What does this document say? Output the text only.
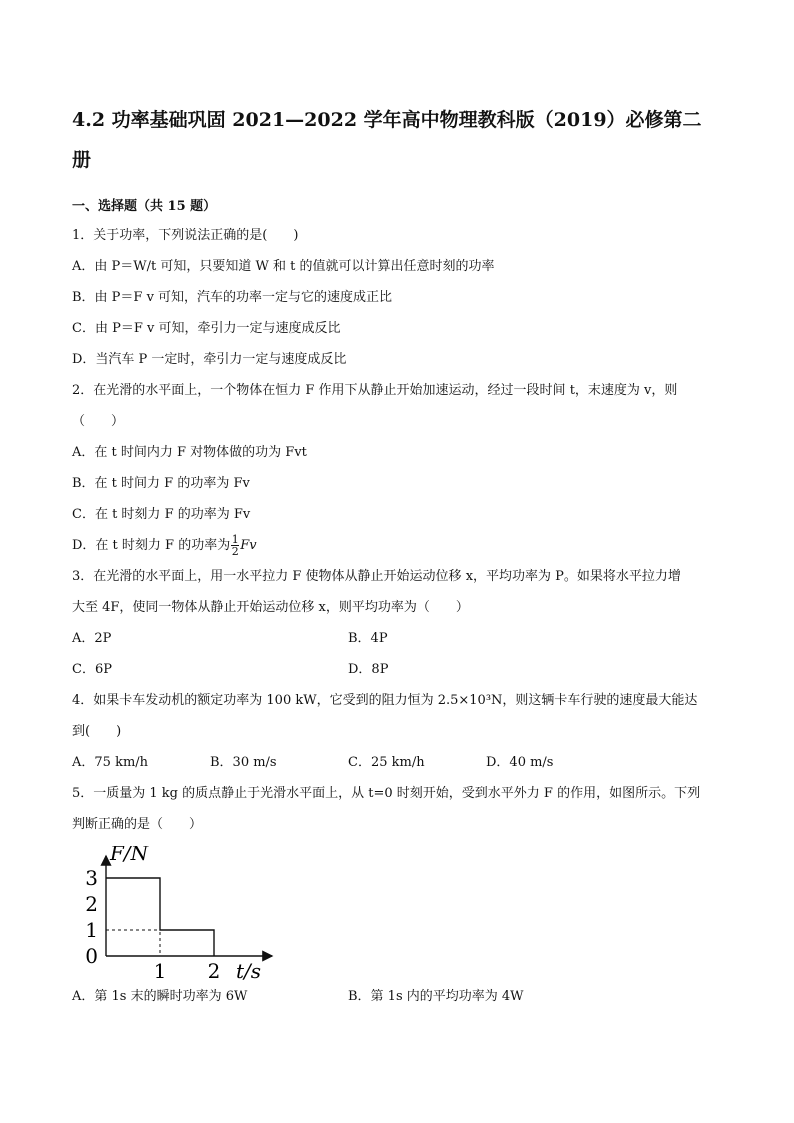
4.2 功率基础巩固 2021—2022 学年高中物理教科版（2019）必修第二
册
一、选择题（共 15 题）
1．关于功率，下列说法正确的是(　　)
A．由 P＝W/t 可知，只要知道 W 和 t 的值就可以计算出任意时刻的功率
B．由 P＝F v 可知，汽车的功率一定与它的速度成正比
C．由 P＝F v 可知，牵引力一定与速度成反比
D．当汽车 P 一定时，牵引力一定与速度成反比
2．在光滑的水平面上，一个物体在恒力 F 作用下从静止开始加速运动，经过一段时间 t，末速度为 v，则
（　　）
A．在 t 时间内力 F 对物体做的功为 Fvt
B．在 t 时间力 F 的功率为 Fv
C．在 t 时刻力 F 的功率为 Fv
D．在 t 时刻力 F 的功率为 $\frac{1}{2}$ Fv
3．在光滑的水平面上，用一水平拉力 F 使物体从静止开始运动位移 x，平均功率为 P。如果将水平拉力增
大至 4F，使同一物体从静止开始运动位移 x，则平均功率为（　　）
A．2P	B．4P
C．6P	D．8P
4．如果卡车发动机的额定功率为 100 kW，它受到的阻力恒为 2.5×10³N，则这辆卡车行驶的速度最大能达
到(　　)
A．75 km/h	B．30 m/s	C．25 km/h	D．40 m/s
5．一质量为 1 kg 的质点静止于光滑水平面上，从 t=0 时刻开始，受到水平外力 F 的作用，如图所示。下列
判断正确的是（　　）
0
1
2
3
1 2 t/s
F/N
A．第 1s 末的瞬时功率为 6W	B．第 1s 内的平均功率为 4W
